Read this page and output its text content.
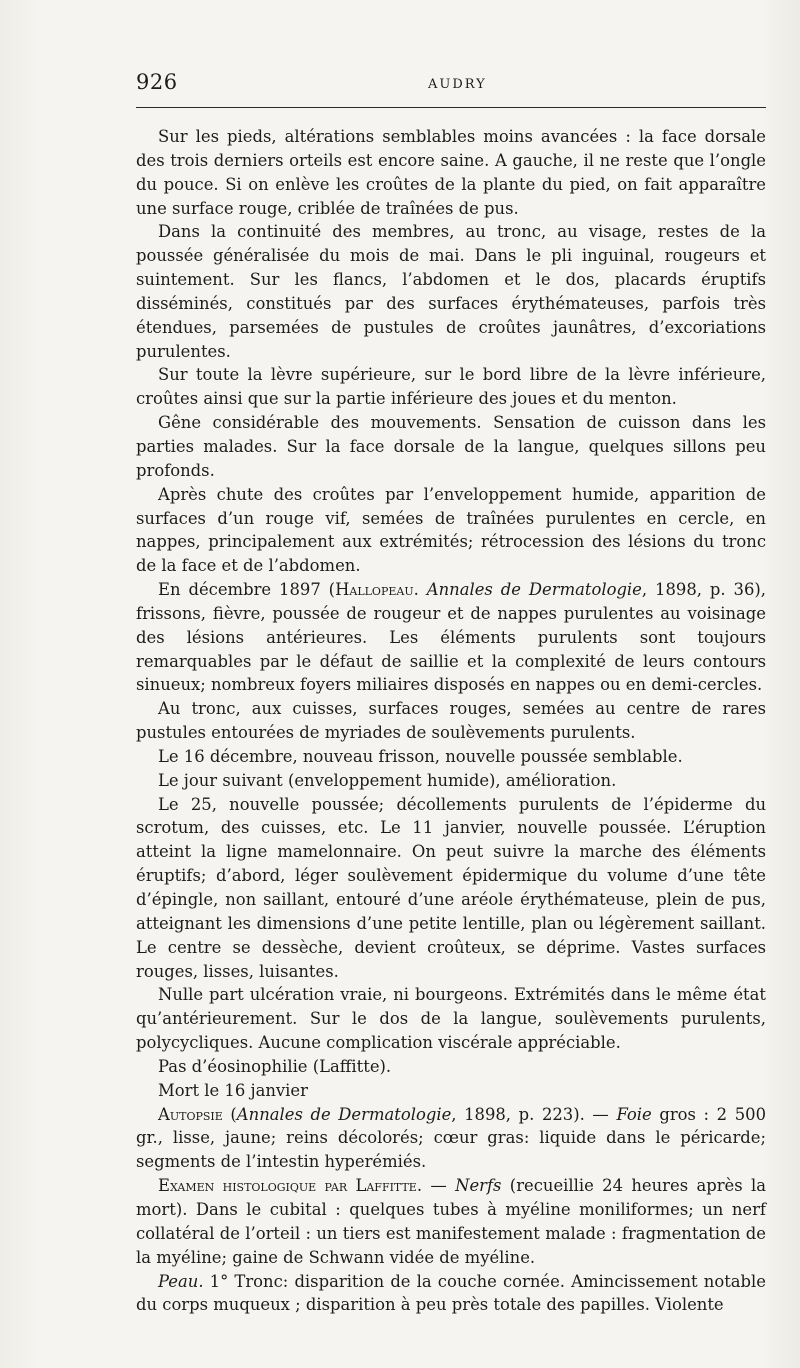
926	AUDRY

Sur les pieds, altérations semblables moins avancées : la face dorsale des trois derniers orteils est encore saine. A gauche, il ne reste que l’ongle du pouce. Si on enlève les croûtes de la plante du pied, on fait apparaître une surface rouge, criblée de traînées de pus.

Dans la continuité des membres, au tronc, au visage, restes de la poussée généralisée du mois de mai. Dans le pli inguinal, rougeurs et suintement. Sur les flancs, l’abdomen et le dos, placards éruptifs disséminés, constitués par des surfaces érythémateuses, parfois très étendues, parsemées de pustules de croûtes jaunâtres, d’excoriations purulentes.

Sur toute la lèvre supérieure, sur le bord libre de la lèvre inférieure, croûtes ainsi que sur la partie inférieure des joues et du menton.

Gêne considérable des mouvements. Sensation de cuisson dans les parties malades. Sur la face dorsale de la langue, quelques sillons peu profonds.

Après chute des croûtes par l’enveloppement humide, apparition de surfaces d’un rouge vif, semées de traînées purulentes en cercle, en nappes, principalement aux extrémités; rétrocession des lésions du tronc de la face et de l’abdomen.

En décembre 1897 (Hallopeau. Annales de Dermatologie, 1898, p. 36), frissons, fièvre, poussée de rougeur et de nappes purulentes au voisinage des lésions antérieures. Les éléments purulents sont toujours remarquables par le défaut de saillie et la complexité de leurs contours sinueux; nombreux foyers miliaires disposés en nappes ou en demi-cercles.

Au tronc, aux cuisses, surfaces rouges, semées au centre de rares pustules entourées de myriades de soulèvements purulents.

Le 16 décembre, nouveau frisson, nouvelle poussée semblable.

Le jour suivant (enveloppement humide), amélioration.

Le 25, nouvelle poussée; décollements purulents de l’épiderme du scrotum, des cuisses, etc. Le 11 janvier, nouvelle poussée. L’éruption atteint la ligne mamelonnaire. On peut suivre la marche des éléments éruptifs; d’abord, léger soulèvement épidermique du volume d’une tête d’épingle, non saillant, entouré d’une aréole érythémateuse, plein de pus, atteignant les dimensions d’une petite lentille, plan ou légèrement saillant. Le centre se dessèche, devient croûteux, se déprime. Vastes surfaces rouges, lisses, luisantes.

Nulle part ulcération vraie, ni bourgeons. Extrémités dans le même état qu’antérieurement. Sur le dos de la langue, soulèvements purulents, polycycliques. Aucune complication viscérale appréciable.

Pas d’éosinophilie (Laffitte).

Mort le 16 janvier

Autopsie (Annales de Dermatologie, 1898, p. 223). — Foie gros : 2 500 gr., lisse, jaune; reins décolorés; cœur gras: liquide dans le péricarde; segments de l’intestin hyperémiés.

Examen histologique par Laffitte. — Nerfs (recueillie 24 heures après la mort). Dans le cubital : quelques tubes à myéline moniliformes; un nerf collatéral de l’orteil : un tiers est manifestement malade : fragmentation de la myéline; gaine de Schwann vidée de myéline.

Peau. 1° Tronc: disparition de la couche cornée. Amincissement notable du corps muqueux ; disparition à peu près totale des papilles. Violente
